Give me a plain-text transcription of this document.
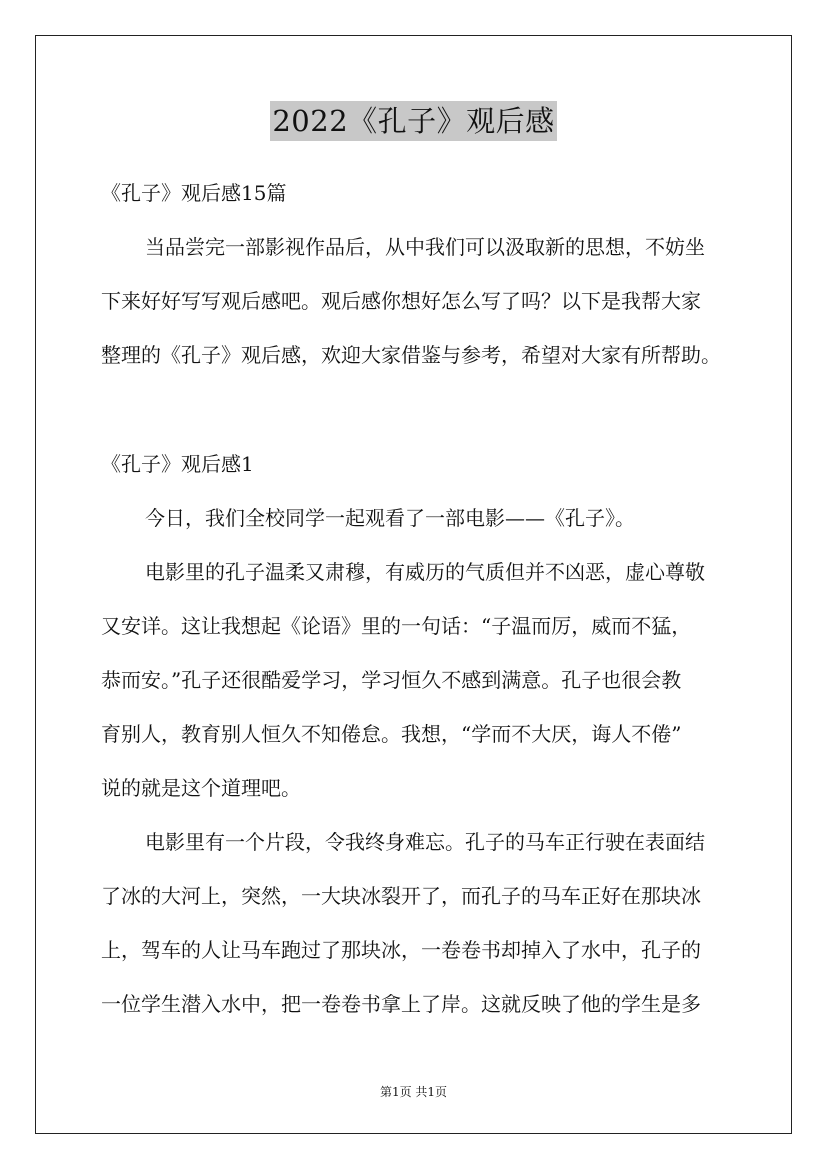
2022《孔子》观后感
《孔子》观后感15篇
当品尝完一部影视作品后，从中我们可以汲取新的思想，不妨坐
下来好好写写观后感吧。观后感你想好怎么写了吗？以下是我帮大家
整理的《孔子》观后感，欢迎大家借鉴与参考，希望对大家有所帮助。
《孔子》观后感1
今日，我们全校同学一起观看了一部电影——《孔子》。
电影里的孔子温柔又肃穆，有威历的气质但并不凶恶，虚心尊敬
又安详。这让我想起《论语》里的一句话：“子温而厉，威而不猛，
恭而安。”孔子还很酷爱学习，学习恒久不感到满意。孔子也很会教
育别人，教育别人恒久不知倦怠。我想，“学而不大厌，诲人不倦”
说的就是这个道理吧。
电影里有一个片段，令我终身难忘。孔子的马车正行驶在表面结
了冰的大河上，突然，一大块冰裂开了，而孔子的马车正好在那块冰
上，驾车的人让马车跑过了那块冰，一卷卷书却掉入了水中，孔子的
一位学生潜入水中，把一卷卷书拿上了岸。这就反映了他的学生是多
第1页 共1页
